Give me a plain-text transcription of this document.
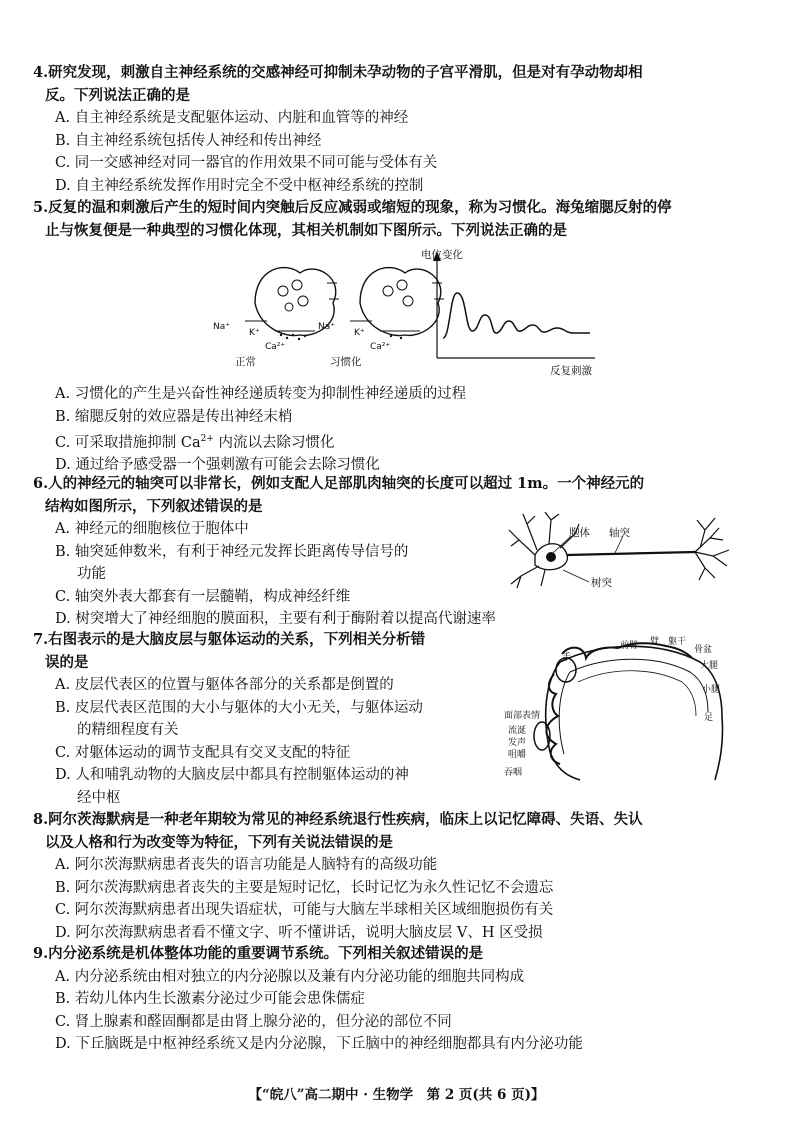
4.研究发现，刺激自主神经系统的交感神经可抑制未孕动物的子宫平滑肌，但是对有孕动物却相
反。下列说法正确的是
A. 自主神经系统是支配躯体运动、内脏和血管等的神经
B. 自主神经系统包括传人神经和传出神经
C. 同一交感神经对同一器官的作用效果不同可能与受体有关
D. 自主神经系统发挥作用时完全不受中枢神经系统的控制
5.反复的温和刺激后产生的短时间内突触后反应减弱或缩短的现象，称为习惯化。海兔缩腮反射的停
止与恢复便是一种典型的习惯化体现，其相关机制如下图所示。下列说法正确的是
Na⁺
K⁺
Ca²⁺
正常
Na⁺
K⁺
Ca²⁺
习惯化
电位变化
反复刺激
A. 习惯化的产生是兴奋性神经递质转变为抑制性神经递质的过程
B. 缩腮反射的效应器是传出神经末梢
C. 可采取措施抑制 $Ca^{2+}$ 内流以去除习惯化
D. 通过给予感受器一个强刺激有可能会去除习惯化
6.人的神经元的轴突可以非常长，例如支配人足部肌肉轴突的长度可以超过 1m。一个神经元的
结构如图所示，下列叙述错误的是
A. 神经元的细胞核位于胞体中
B. 轴突延伸数米，有利于神经元发挥长距离传导信号的
功能
C. 轴突外表大都套有一层髓鞘，构成神经纤维
D. 树突增大了神经细胞的膜面积，主要有利于酶附着以提高代谢速率
胞体 轴突
树突
7.右图表示的是大脑皮层与躯体运动的关系，下列相关分析错
误的是
A. 皮层代表区的位置与躯体各部分的关系都是倒置的
B. 皮层代表区范围的大小与躯体的大小无关，与躯体运动
的精细程度有关
C. 对躯体运动的调节支配具有交叉支配的特征
D. 人和哺乳动物的大脑皮层中都具有控制躯体运动的神
经中枢
手
前臂 臂 躯干
骨盆
大腿
小腿
足
面部表情
流涎
发声
咀嚼
吞咽
8.阿尔茨海默病是一种老年期较为常见的神经系统退行性疾病，临床上以记忆障碍、失语、失认
以及人格和行为改变等为特征，下列有关说法错误的是
A. 阿尔茨海默病患者丧失的语言功能是人脑特有的高级功能
B. 阿尔茨海默病患者丧失的主要是短时记忆，长时记忆为永久性记忆不会遗忘
C. 阿尔茨海默病患者出现失语症状，可能与大脑左半球相关区域细胞损伤有关
D. 阿尔茨海默病患者看不懂文字、听不懂讲话，说明大脑皮层 V、H 区受损
9.内分泌系统是机体整体功能的重要调节系统。下列相关叙述错误的是
A. 内分泌系统由相对独立的内分泌腺以及兼有内分泌功能的细胞共同构成
B. 若幼儿体内生长激素分泌过少可能会患侏儒症
C. 肾上腺素和醛固酮都是由肾上腺分泌的，但分泌的部位不同
D. 下丘脑既是中枢神经系统又是内分泌腺，下丘脑中的神经细胞都具有内分泌功能
【“皖八”高二期中 · 生物学　第 2 页(共 6 页)】
